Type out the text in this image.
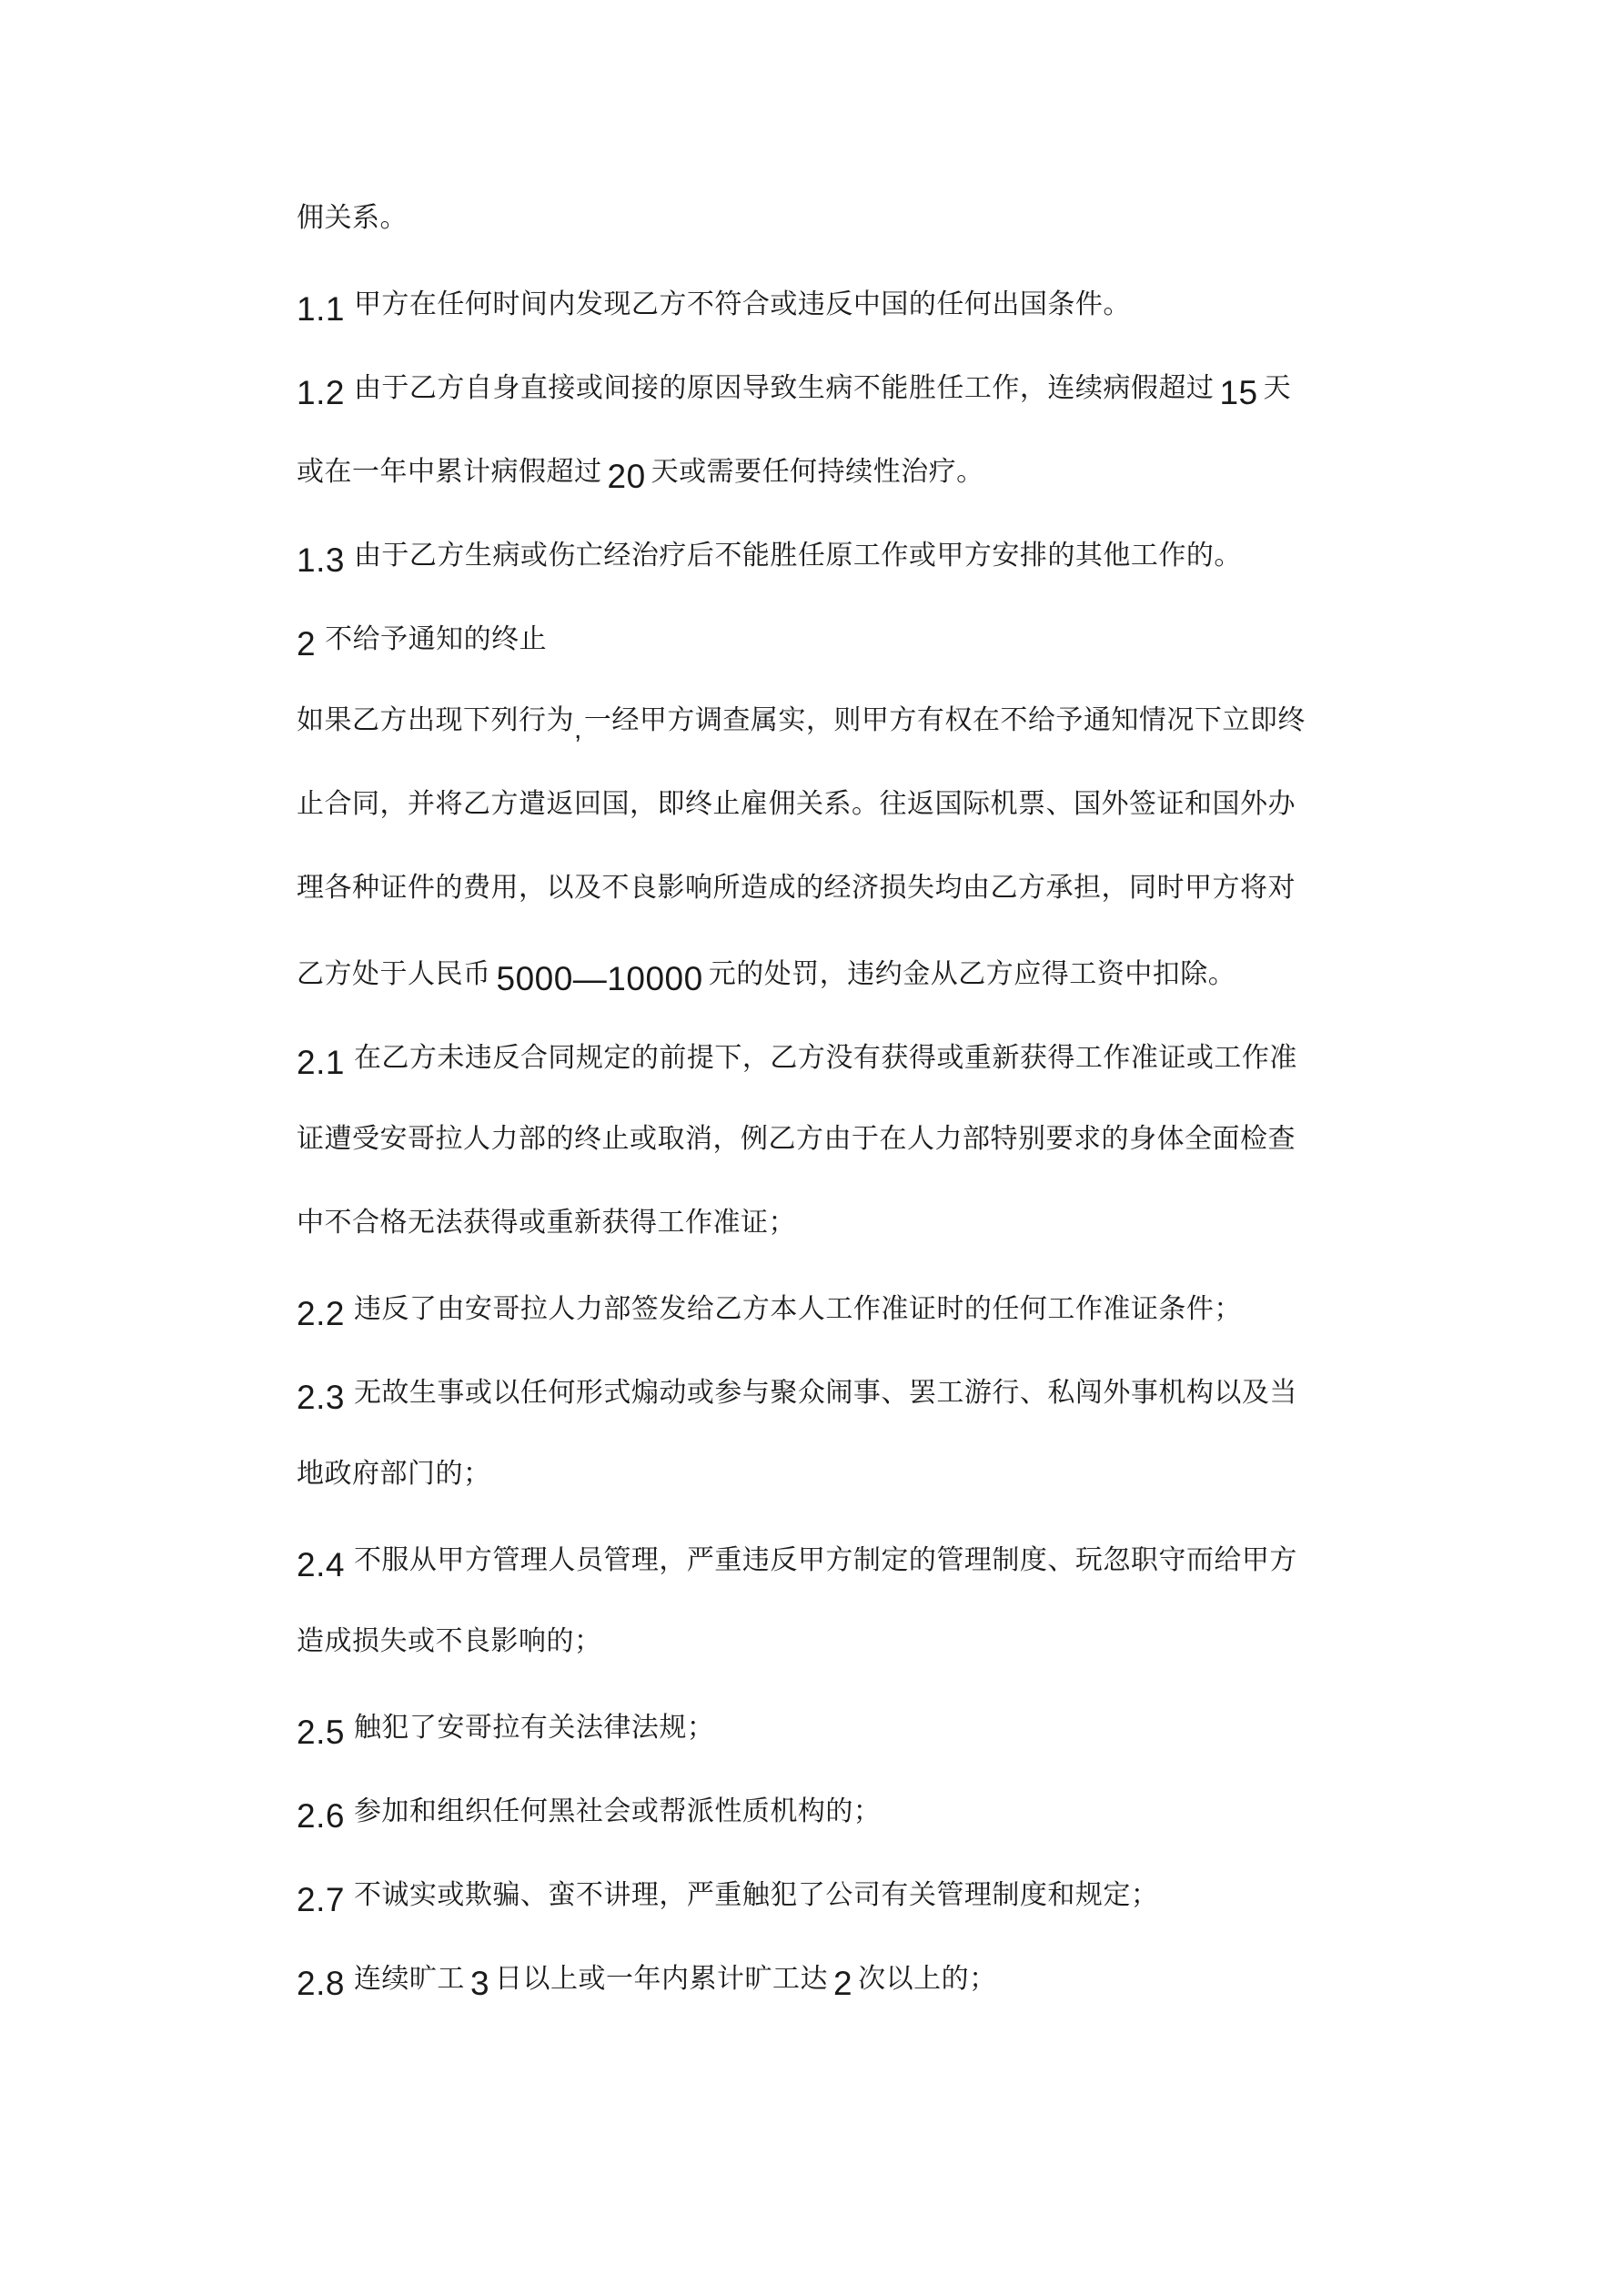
佣关系。
1.1 甲方在任何时间内发现乙方不符合或违反中国的任何出国条件。
1.2 由于乙方自身直接或间接的原因导致生病不能胜任工作，连续病假超过 15 天
或在一年中累计病假超过 20 天或需要任何持续性治疗。
1.3 由于乙方生病或伤亡经治疗后不能胜任原工作或甲方安排的其他工作的。
2 不给予通知的终止
如果乙方出现下列行为,一经甲方调查属实，则甲方有权在不给予通知情况下立即终
止合同，并将乙方遣返回国，即终止雇佣关系。往返国际机票、国外签证和国外办
理各种证件的费用，以及不良影响所造成的经济损失均由乙方承担，同时甲方将对
乙方处于人民币 5000—10000 元的处罚，违约金从乙方应得工资中扣除。
2.1 在乙方未违反合同规定的前提下，乙方没有获得或重新获得工作准证或工作准
证遭受安哥拉人力部的终止或取消，例乙方由于在人力部特别要求的身体全面检查
中不合格无法获得或重新获得工作准证；
2.2 违反了由安哥拉人力部签发给乙方本人工作准证时的任何工作准证条件；
2.3 无故生事或以任何形式煽动或参与聚众闹事、罢工游行、私闯外事机构以及当
地政府部门的；
2.4 不服从甲方管理人员管理，严重违反甲方制定的管理制度、玩忽职守而给甲方
造成损失或不良影响的；
2.5 触犯了安哥拉有关法律法规；
2.6 参加和组织任何黑社会或帮派性质机构的；
2.7 不诚实或欺骗、蛮不讲理，严重触犯了公司有关管理制度和规定；
2.8 连续旷工 3 日以上或一年内累计旷工达 2 次以上的；
